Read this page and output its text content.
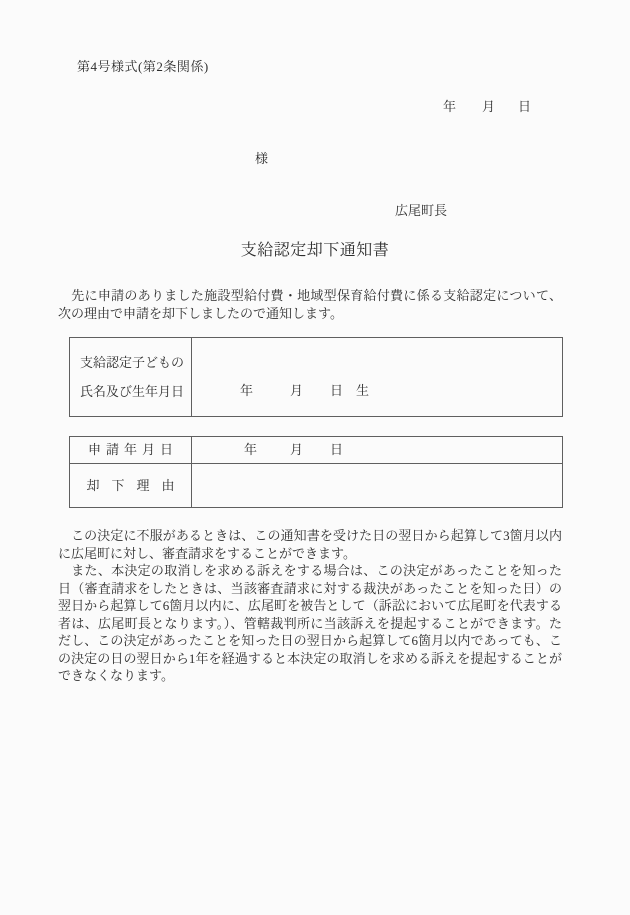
第4号様式(第2条関係)
年 月 日
様
広尾町長
支給認定却下通知書
　先に申請のありました施設型給付費・地域型保育給付費に係る支給認定について、次の理由で申請を却下しましたので通知します。
支給認定子どもの
氏名及び生年月日	年	月 日 生
申請年月日	年	月 日
却下理由

　この決定に不服があるときは、この通知書を受けた日の翌日から起算して3箇月以内に広尾町に対し、審査請求をすることができます。

　また、本決定の取消しを求める訴えをする場合は、この決定があったことを知った日（審査請求をしたときは、当該審査請求に対する裁決があったことを知った日）の翌日から起算して6箇月以内に、広尾町を被告として（訴訟において広尾町を代表する者は、広尾町長となります。）、管轄裁判所に当該訴えを提起することができます。ただし、この決定があったことを知った日の翌日から起算して6箇月以内であっても、この決定の日の翌日から1年を経過すると本決定の取消しを求める訴えを提起することができなくなります。
